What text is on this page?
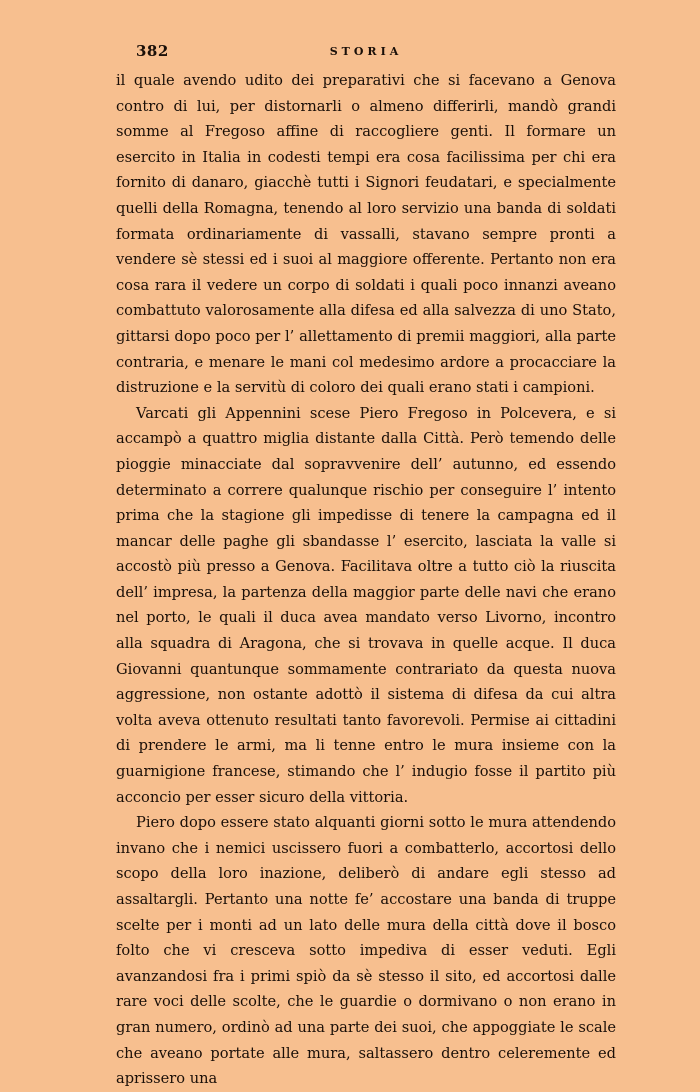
382	STORIA

il quale avendo udito dei preparativi che si facevano a Genova contro di lui, per distornarli o almeno differirli, mandò grandi somme al Fregoso affine di raccogliere genti. Il formare un esercito in Italia in codesti tempi era cosa facilissima per chi era fornito di danaro, giacchè tutti i Signori feudatari, e specialmente quelli della Romagna, tenendo al loro servizio una banda di soldati formata ordinariamente di vassalli, stavano sempre pronti a vendere sè stessi ed i suoi al maggiore offerente. Pertanto non era cosa rara il vedere un corpo di soldati i quali poco innanzi aveano combattuto valorosamente alla difesa ed alla salvezza di uno Stato, gittarsi dopo poco per l’ allettamento di premii maggiori, alla parte contraria, e menare le mani col medesimo ardore a procacciare la distruzione e la servitù di coloro dei quali erano stati i campioni.

Varcati gli Appennini scese Piero Fregoso in Polcevera, e si accampò a quattro miglia distante dalla Città. Però temendo delle pioggie minacciate dal sopravvenire dell’ autunno, ed essendo determinato a correre qualunque rischio per conseguire l’ intento prima che la stagione gli impedisse di tenere la campagna ed il mancar delle paghe gli sbandasse l’ esercito, lasciata la valle si accostò più presso a Genova. Facilitava oltre a tutto ciò la riuscita dell’ impresa, la partenza della maggior parte delle navi che erano nel porto, le quali il duca avea mandato verso Livorno, incontro alla squadra di Aragona, che si trovava in quelle acque. Il duca Giovanni quantunque sommamente contrariato da questa nuova aggressione, non ostante adottò il sistema di difesa da cui altra volta aveva ottenuto resultati tanto favorevoli. Permise ai cittadini di prendere le armi, ma li tenne entro le mura insieme con la guarnigione francese, stimando che l’ indugio fosse il partito più acconcio per esser sicuro della vittoria.

Piero dopo essere stato alquanti giorni sotto le mura attendendo invano che i nemici uscissero fuori a combatterlo, accortosi dello scopo della loro inazione, deliberò di andare egli stesso ad assaltargli. Pertanto una notte fe’ accostare una banda di truppe scelte per i monti ad un lato delle mura della città dove il bosco folto che vi cresceva sotto impediva di esser veduti. Egli avanzandosi fra i primi spiò da sè stesso il sito, ed accortosi dalle rare voci delle scolte, che le guardie o dormivano o non erano in gran numero, ordinò ad una parte dei suoi, che appoggiate le scale che aveano portate alle mura, saltassero dentro celeremente ed aprissero una
